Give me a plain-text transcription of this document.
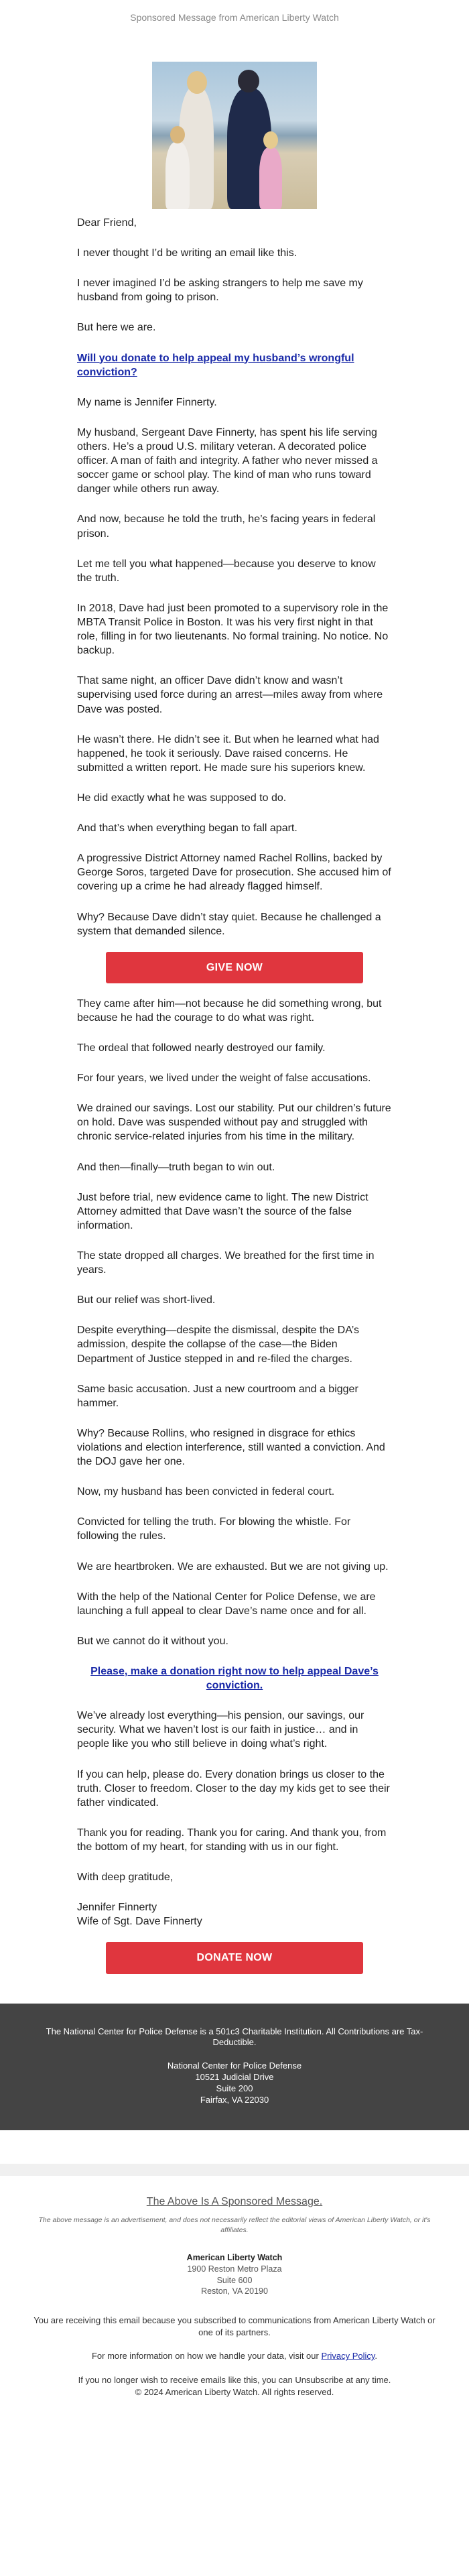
Sponsored Message from American Liberty Watch

Dear Friend,

I never thought I’d be writing an email like this.

I never imagined I’d be asking strangers to help me save my husband from going to prison.

But here we are.

Will you donate to help appeal my husband’s wrongful conviction?

My name is Jennifer Finnerty.

My husband, Sergeant Dave Finnerty, has spent his life serving others. He’s a proud U.S. military veteran. A decorated police officer. A man of faith and integrity. A father who never missed a soccer game or school play. The kind of man who runs toward danger while others run away.

And now, because he told the truth, he’s facing years in federal prison.

Let me tell you what happened—because you deserve to know the truth.

In 2018, Dave had just been promoted to a supervisory role in the MBTA Transit Police in Boston. It was his very first night in that role, filling in for two lieutenants. No formal training. No notice. No backup.

That same night, an officer Dave didn’t know and wasn’t supervising used force during an arrest—miles away from where Dave was posted.

He wasn’t there. He didn’t see it. But when he learned what had happened, he took it seriously. Dave raised concerns. He submitted a written report. He made sure his superiors knew.

He did exactly what he was supposed to do.

And that’s when everything began to fall apart.

A progressive District Attorney named Rachel Rollins, backed by George Soros, targeted Dave for prosecution. She accused him of covering up a crime he had already flagged himself.

Why? Because Dave didn’t stay quiet. Because he challenged a system that demanded silence.

GIVE NOW

They came after him—not because he did something wrong, but because he had the courage to do what was right.

The ordeal that followed nearly destroyed our family.

For four years, we lived under the weight of false accusations.

We drained our savings. Lost our stability. Put our children’s future on hold. Dave was suspended without pay and struggled with chronic service-related injuries from his time in the military.

And then—finally—truth began to win out.

Just before trial, new evidence came to light. The new District Attorney admitted that Dave wasn’t the source of the false information.

The state dropped all charges. We breathed for the first time in years.

But our relief was short-lived.

Despite everything—despite the dismissal, despite the DA’s admission, despite the collapse of the case—the Biden Department of Justice stepped in and re-filed the charges.

Same basic accusation. Just a new courtroom and a bigger hammer.

Why? Because Rollins, who resigned in disgrace for ethics violations and election interference, still wanted a conviction. And the DOJ gave her one.

Now, my husband has been convicted in federal court.

Convicted for telling the truth. For blowing the whistle. For following the rules.

We are heartbroken. We are exhausted. But we are not giving up.

With the help of the National Center for Police Defense, we are launching a full appeal to clear Dave’s name once and for all.

But we cannot do it without you.

Please, make a donation right now to help appeal Dave’s conviction.

We’ve already lost everything—his pension, our savings, our security. What we haven’t lost is our faith in justice… and in people like you who still believe in doing what’s right.

If you can help, please do. Every donation brings us closer to the truth. Closer to freedom. Closer to the day my kids get to see their father vindicated.

Thank you for reading. Thank you for caring. And thank you, from the bottom of my heart, for standing with us in our fight.

With deep gratitude,

Jennifer Finnerty
Wife of Sgt. Dave Finnerty

DONATE NOW

The National Center for Police Defense is a 501c3 Charitable Institution. All Contributions are Tax-Deductible.

National Center for Police Defense
10521 Judicial Drive
Suite 200
Fairfax, VA 22030
The Above Is A Sponsored Message.
The above message is an advertisement, and does not necessarily reflect the editorial views of American Liberty Watch, or it's affiliates.
American Liberty Watch
1900 Reston Metro Plaza
Suite 600
Reston, VA 20190

You are receiving this email because you subscribed to communications from American Liberty Watch or one of its partners.

For more information on how we handle your data, visit our Privacy Policy.

If you no longer wish to receive emails like this, you can Unsubscribe at any time.
© 2024 American Liberty Watch. All rights reserved.
